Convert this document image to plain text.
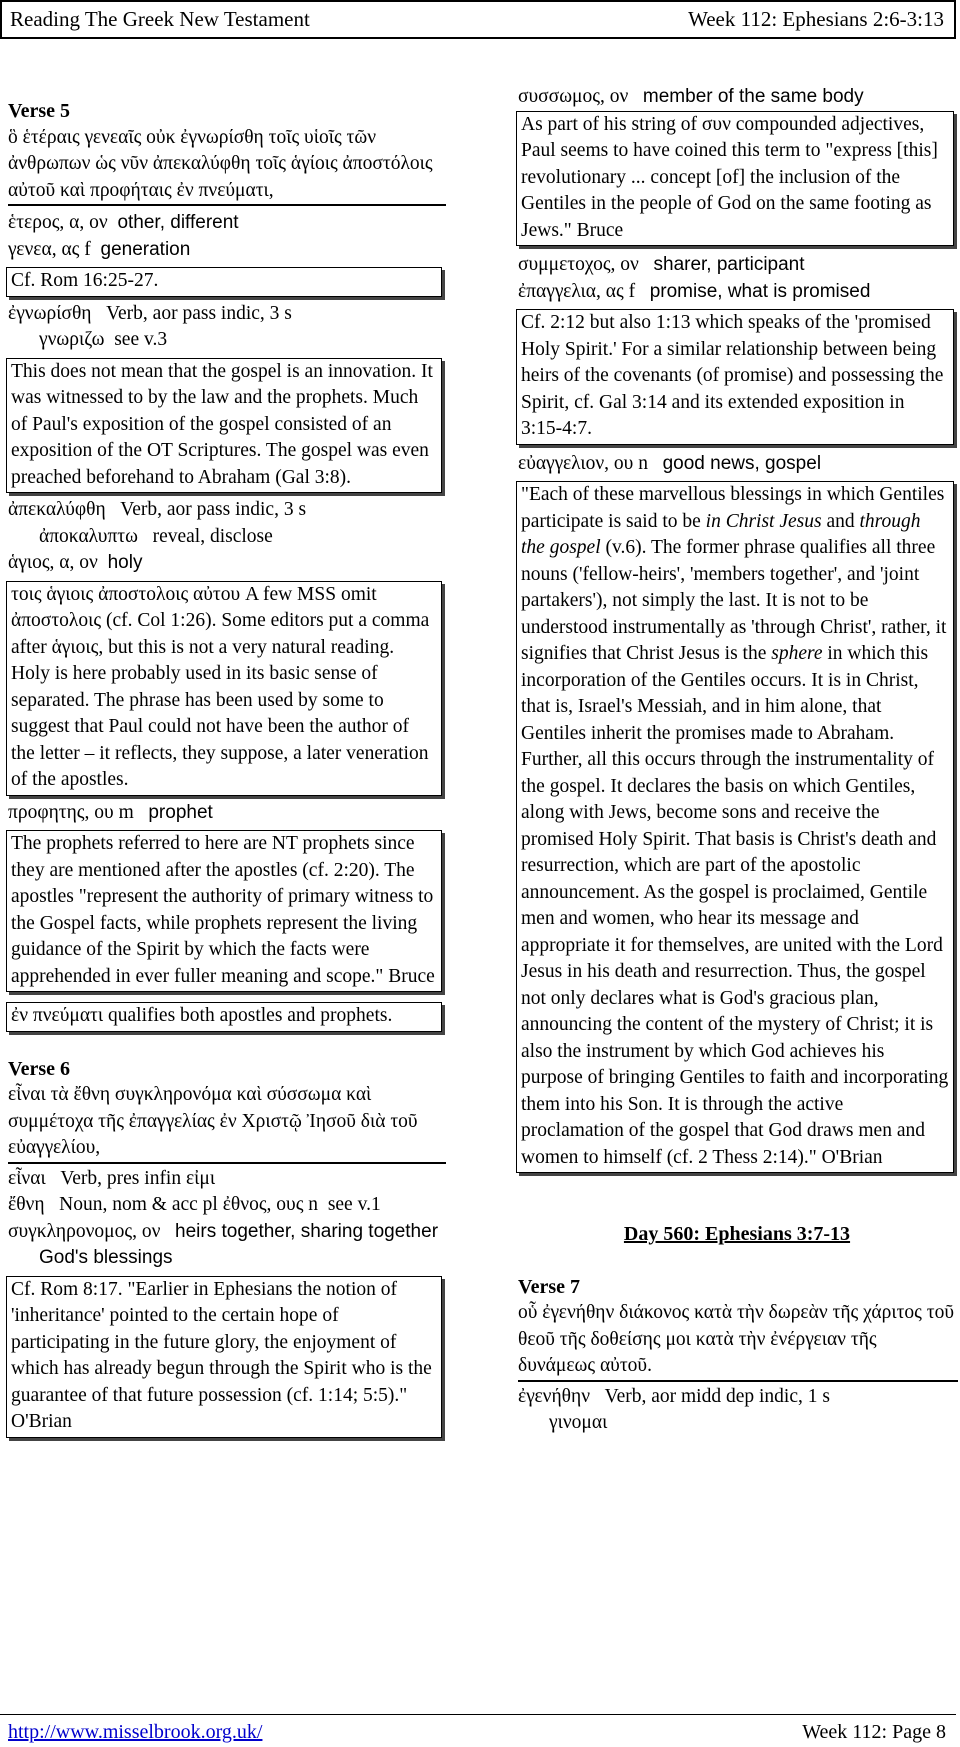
Reading The Greek New Testament	Week 112: Ephesians 2:6-3:13
Verse 5
ὃ ἑτέραις γενεαῖς οὐκ ἐγνωρίσθη τοῖς υἱοῖς τῶν ἀνθρωπων ὡς νῦν ἀπεκαλύφθη τοῖς ἁγίοις ἀποστόλοις αὐτοῦ καὶ προφήταις ἐν πνεύματι,
ἑτερος, α, ον other, different
γενεα, ας f generation
Cf. Rom 16:25-27.
ἐγνωρίσθη Verb, aor pass indic, 3 s
γνωριζω see v.3
This does not mean that the gospel is an innovation. It was witnessed to by the law and the prophets. Much of Paul's exposition of the gospel consisted of an exposition of the OT Scriptures. The gospel was even preached beforehand to Abraham (Gal 3:8).
ἀπεκαλύφθη Verb, aor pass indic, 3 s
ἀποκαλυπτω reveal, disclose
ἁγιος, α, ον holy
τοις ἁγιοις ἀποστολοις αὐτου A few MSS omit ἀποστολοις (cf. Col 1:26). Some editors put a comma after ἁγιοις, but this is not a very natural reading. Holy is here probably used in its basic sense of separated. The phrase has been used by some to suggest that Paul could not have been the author of the letter – it reflects, they suppose, a later veneration of the apostles.
προφητης, ου m prophet
The prophets referred to here are NT prophets since they are mentioned after the apostles (cf. 2:20). The apostles "represent the authority of primary witness to the Gospel facts, while prophets represent the living guidance of the Spirit by which the facts were apprehended in ever fuller meaning and scope." Bruce
ἐν πνεύματι qualifies both apostles and prophets.
Verse 6
εἶναι τὰ ἔθνη συγκληρονόμα καὶ σύσσωμα καὶ συμμέτοχα τῆς ἐπαγγελίας ἐν Χριστῷ Ἰησοῦ διὰ τοῦ εὐαγγελίου,
εἶναι Verb, pres infin εἰμι
ἔθνη Noun, nom & acc pl ἐθνος, ους n see v.1
συγκληρονομος, ον heirs together, sharing together God's blessings
Cf. Rom 8:17. "Earlier in Ephesians the notion of 'inheritance' pointed to the certain hope of participating in the future glory, the enjoyment of which has already begun through the Spirit who is the guarantee of that future possession (cf. 1:14; 5:5)." O'Brian
συσσωμος, ον member of the same body
As part of his string of συν compounded adjectives, Paul seems to have coined this term to "express [this] revolutionary ... concept [of] the inclusion of the Gentiles in the people of God on the same footing as Jews." Bruce
συμμετοχος, ον sharer, participant
ἐπαγγελια, ας f promise, what is promised
Cf. 2:12 but also 1:13 which speaks of the 'promised Holy Spirit.' For a similar relationship between being heirs of the covenants (of promise) and possessing the Spirit, cf. Gal 3:14 and its extended exposition in 3:15-4:7.
εὐαγγελιον, ου n good news, gospel
"Each of these marvellous blessings in which Gentiles participate is said to be in Christ Jesus and through the gospel (v.6). The former phrase qualifies all three nouns ('fellow-heirs', 'members together', and 'joint partakers'), not simply the last. It is not to be understood instrumentally as 'through Christ', rather, it signifies that Christ Jesus is the sphere in which this incorporation of the Gentiles occurs. It is in Christ, that is, Israel's Messiah, and in him alone, that Gentiles inherit the promises made to Abraham. Further, all this occurs through the instrumentality of the gospel. It declares the basis on which Gentiles, along with Jews, become sons and receive the promised Holy Spirit. That basis is Christ's death and resurrection, which are part of the apostolic announcement. As the gospel is proclaimed, Gentile men and women, who hear its message and appropriate it for themselves, are united with the Lord Jesus in his death and resurrection. Thus, the gospel not only declares what is God's gracious plan, announcing the content of the mystery of Christ; it is also the instrument by which God achieves his purpose of bringing Gentiles to faith and incorporating them into his Son. It is through the active proclamation of the gospel that God draws men and women to himself (cf. 2 Thess 2:14)." O'Brian
Day 560: Ephesians 3:7-13
Verse 7
οὗ ἐγενήθην διάκονος κατὰ τὴν δωρεὰν τῆς χάριτος τοῦ θεοῦ τῆς δοθείσης μοι κατὰ τὴν ἐνέργειαν τῆς δυνάμεως αὐτοῦ.
ἐγενήθην Verb, aor midd dep indic, 1 s
γινομαι
http://www.misselbrook.org.uk/	Week 112: Page 8
